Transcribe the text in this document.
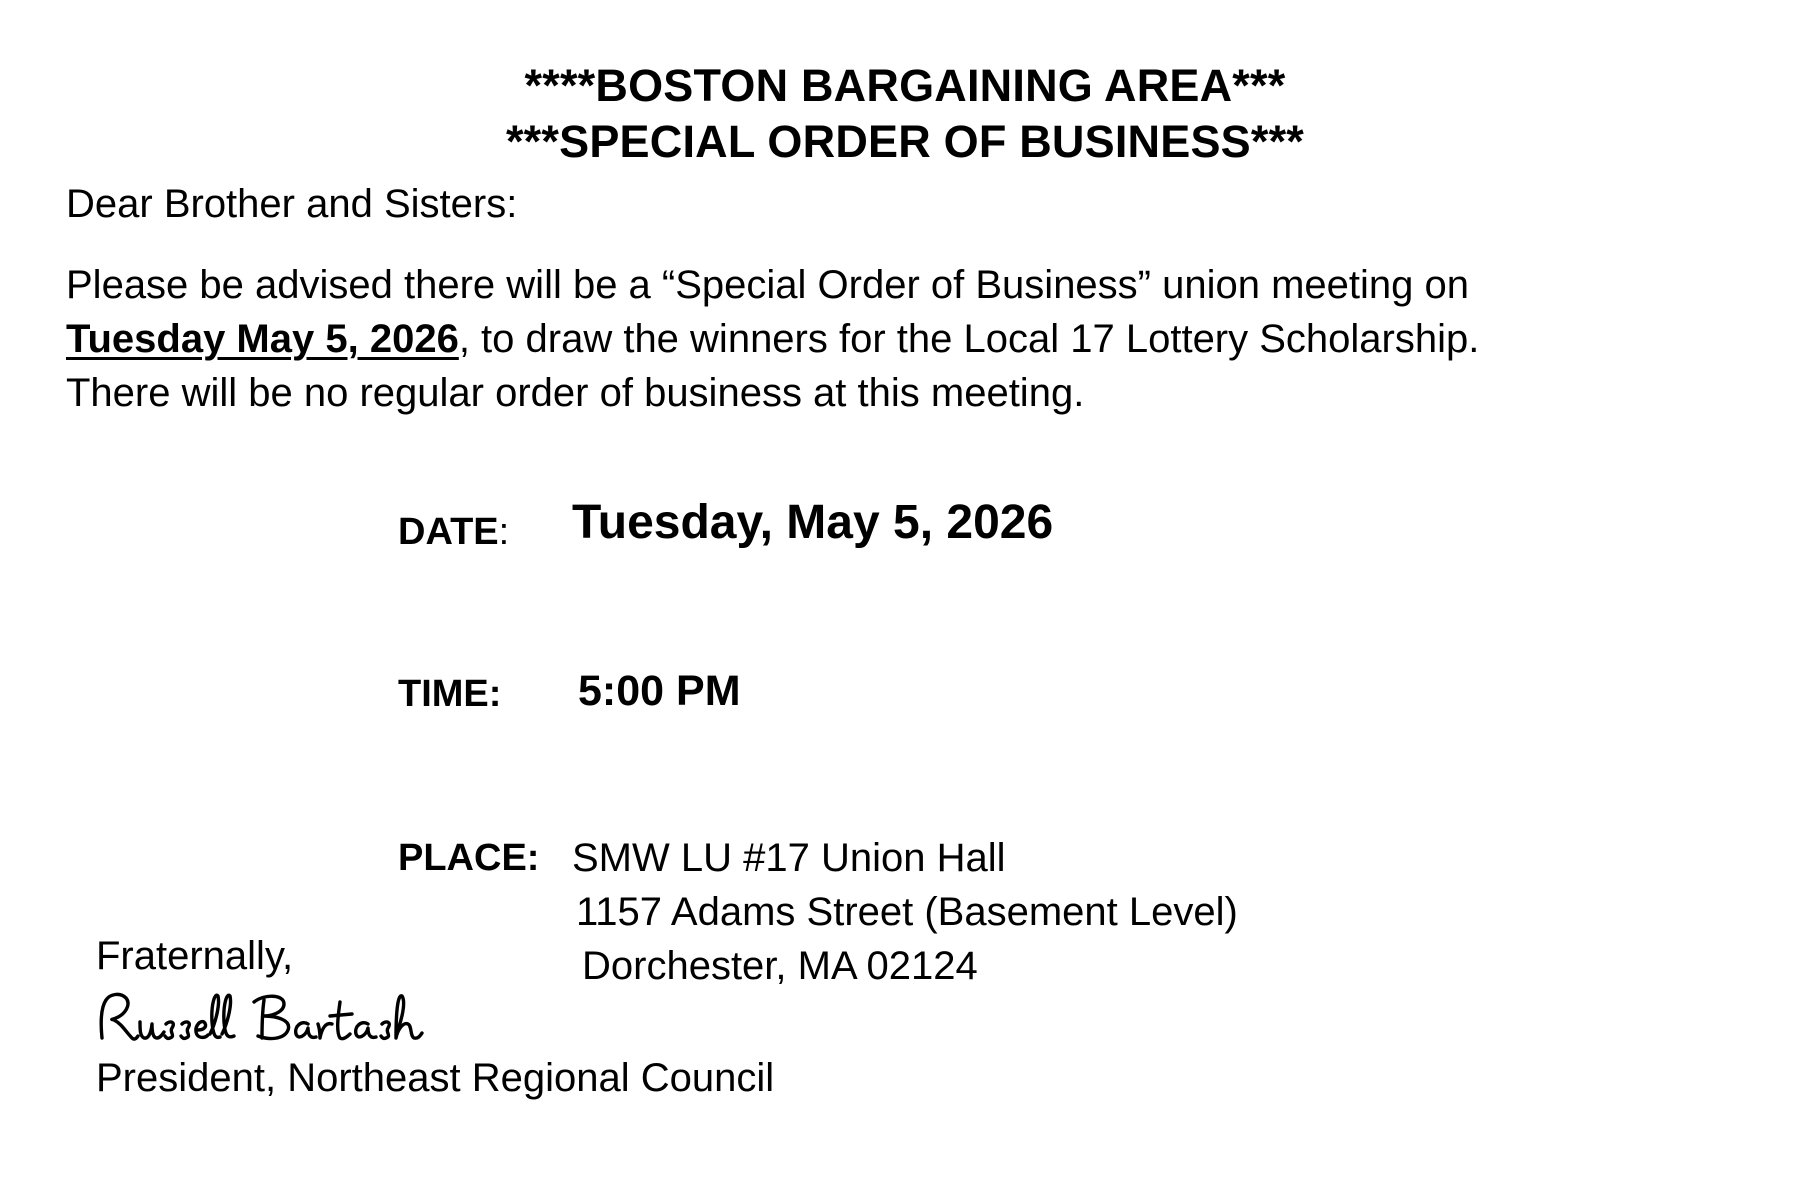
****BOSTON BARGAINING AREA***
***SPECIAL ORDER OF BUSINESS***
Dear Brother and Sisters:
Please be advised there will be a “Special Order of Business” union meeting on
Tuesday May 5, 2026, to draw the winners for the Local 17 Lottery Scholarship.
There will be no regular order of business at this meeting.
DATE: Tuesday, May 5, 2026
TIME: 5:00 PM
PLACE: SMW LU #17 Union Hall
1157 Adams Street (Basement Level)
Dorchester, MA 02124
Fraternally,
President, Northeast Regional Council
